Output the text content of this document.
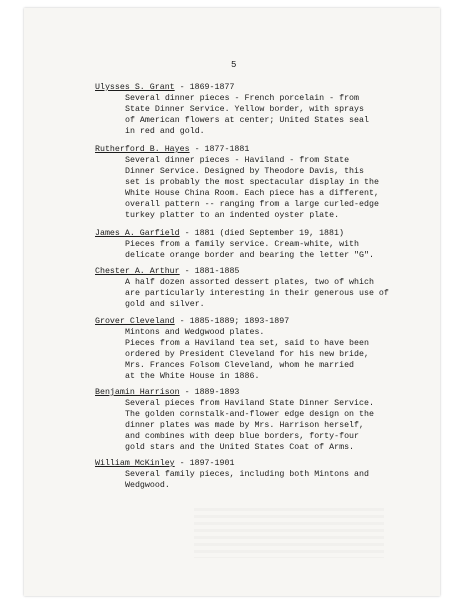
5
Ulysses S. Grant - 1869-1877
Several dinner pieces - French porcelain - from
State Dinner Service. Yellow border, with sprays
of American flowers at center; United States seal
in red and gold.
Rutherford B. Hayes - 1877-1881
Several dinner pieces - Haviland - from State
Dinner Service. Designed by Theodore Davis, this
set is probably the most spectacular display in the
White House China Room. Each piece has a different,
overall pattern -- ranging from a large curled-edge
turkey platter to an indented oyster plate.
James A. Garfield - 1881 (died September 19, 1881)
Pieces from a family service. Cream-white, with
delicate orange border and bearing the letter "G".
Chester A. Arthur - 1881-1885
A half dozen assorted dessert plates, two of which
are particularly interesting in their generous use of
gold and silver.
Grover Cleveland - 1885-1889; 1893-1897
Mintons and Wedgwood plates.
Pieces from a Haviland tea set, said to have been
ordered by President Cleveland for his new bride,
Mrs. Frances Folsom Cleveland, whom he married
at the White House in 1886.
Benjamin Harrison - 1889-1893
Several pieces from Haviland State Dinner Service.
The golden cornstalk-and-flower edge design on the
dinner plates was made by Mrs. Harrison herself,
and combines with deep blue borders, forty-four
gold stars and the United States Coat of Arms.
William McKinley - 1897-1901
Several family pieces, including both Mintons and
Wedgwood.
